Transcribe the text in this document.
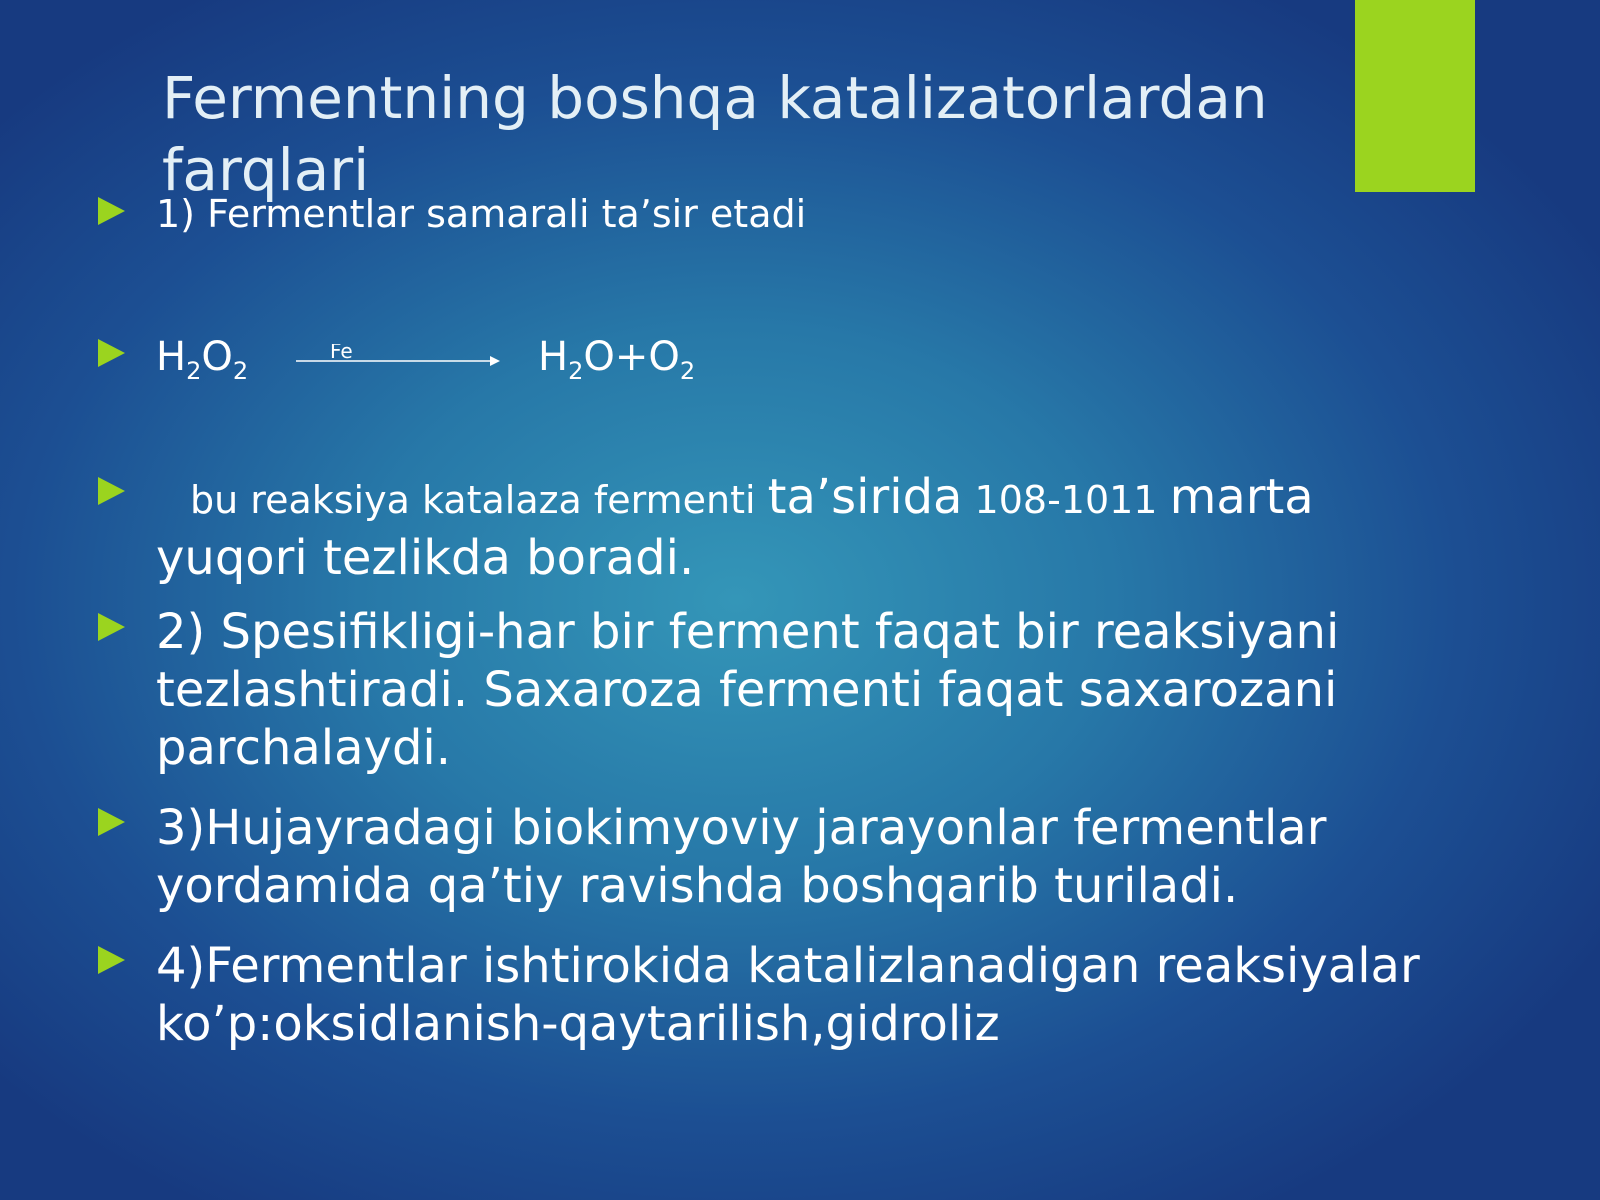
Fermentning boshqa katalizatorlardan farqlari
1) Fermentlar samarali ta’sir etadi
$H_2O_2$
Fe	$H_2O+O_2$
bu reaksiya katalaza fermenti ta’sirida 108-1011 marta
yuqori tezlikda boradi.
2) Spesifikligi-har bir ferment faqat bir reaksiyani tezlashtiradi. Saxaroza fermenti faqat saxarozani parchalaydi.
3)Hujayradagi biokimyoviy jarayonlar fermentlar yordamida qa’tiy ravishda boshqarib turiladi.
4)Fermentlar ishtirokida katalizlanadigan reaksiyalar ko’p:oksidlanish-qaytarilish,gidroliz
